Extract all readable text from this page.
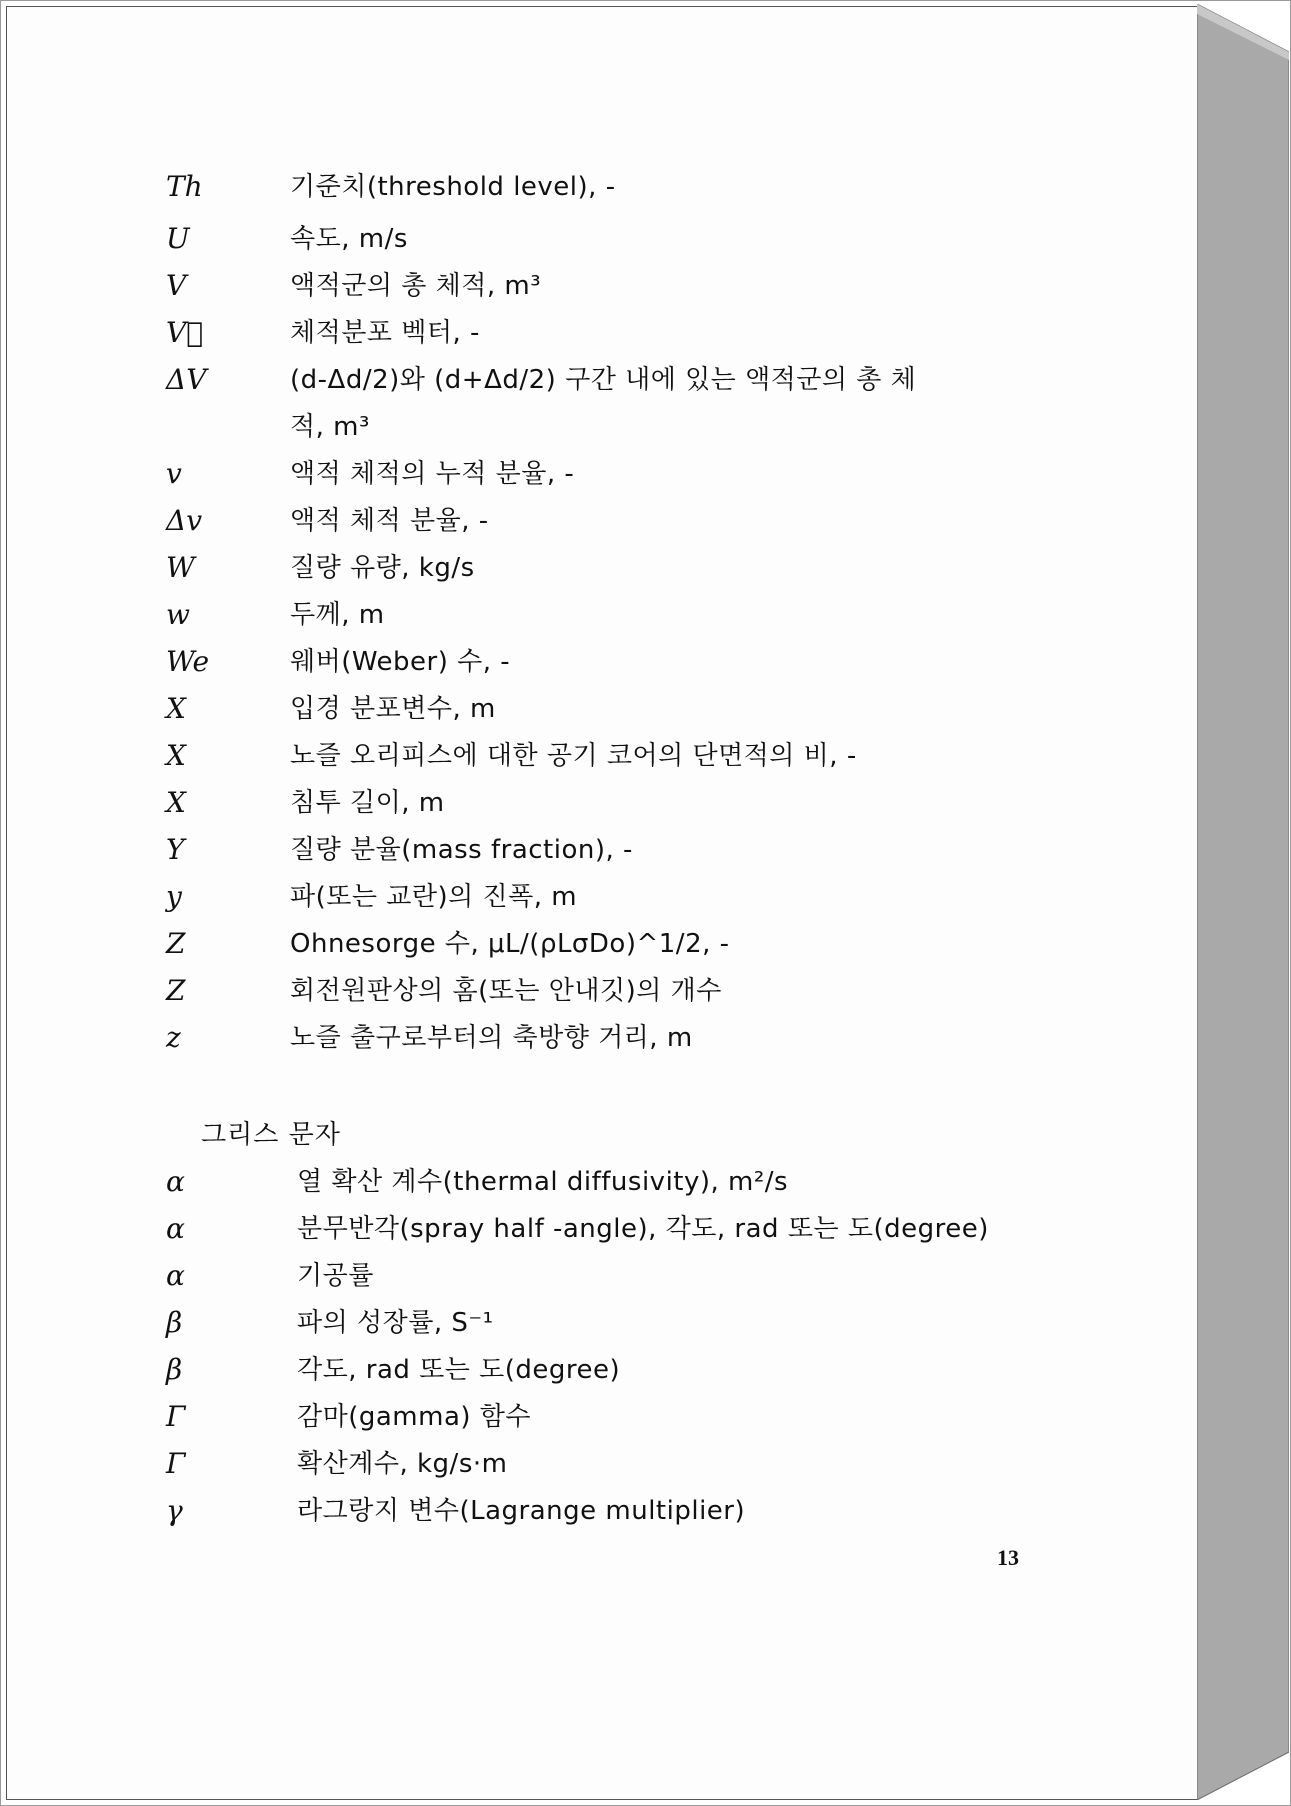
Th	기준치(threshold level), -
U	속도, m/s
V	액적군의 총 체적, m³
V⃗	체적분포 벡터, -
ΔV	(d-Δd/2)와 (d+Δd/2) 구간 내에 있는 액적군의 총 체
적, m³
v	액적 체적의 누적 분율, -
Δv	액적 체적 분율, -
W	질량 유량, kg/s
w	두께, m
We	웨버(Weber) 수, -
X	입경 분포변수, m
X	노즐 오리피스에 대한 공기 코어의 단면적의 비, -
X	침투 길이, m
Y	질량 분율(mass fraction), -
y	파(또는 교란)의 진폭, m
Z	Ohnesorge 수, μL/(ρLσDo)^1/2, -
Z	회전원판상의 홈(또는 안내깃)의 개수
z	노즐 출구로부터의 축방향 거리, m
그리스 문자
α	열 확산 계수(thermal diffusivity), m²/s
α	분무반각(spray half -angle), 각도, rad 또는 도(degree)
α	기공률
β	파의 성장률, S⁻¹
β	각도, rad 또는 도(degree)
Γ	감마(gamma) 함수
Γ	확산계수, kg/s·m
γ	라그랑지 변수(Lagrange multiplier)
13
